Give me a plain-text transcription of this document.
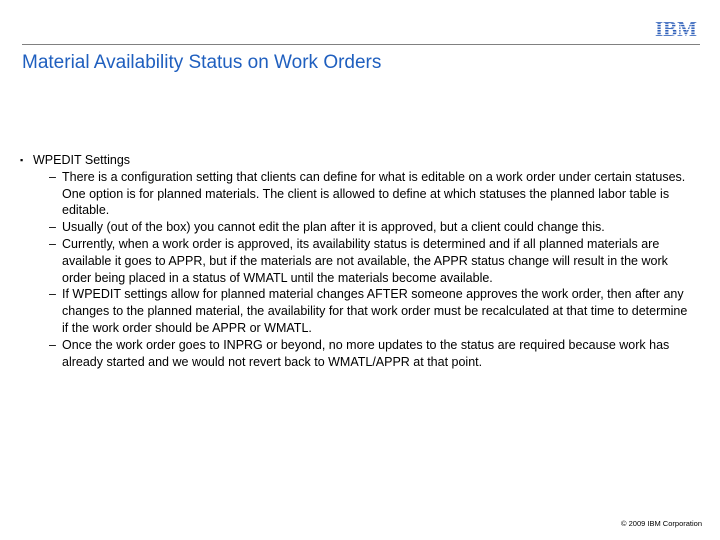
IBM
Material Availability Status on Work Orders
▪ WPEDIT Settings
– There is a configuration setting that clients can define for what is editable on a work order under certain statuses. One option is for planned materials. The client is allowed to define at which statuses the planned labor table is editable.
– Usually (out of the box) you cannot edit the plan after it is approved, but a client could change this.
– Currently, when a work order is approved, its availability status is determined and if all planned materials are available it goes to APPR, but if the materials are not available, the APPR status change will result in the work order being placed in a status of WMATL until the materials become available.
– If WPEDIT settings allow for planned material changes AFTER someone approves the work order, then after any changes to the planned material, the availability for that work order must be recalculated at that time to determine if the work order should be APPR or WMATL.
– Once the work order goes to INPRG or beyond, no more updates to the status are required because work has already started and we would not revert back to WMATL/APPR at that point.
© 2009 IBM Corporation
